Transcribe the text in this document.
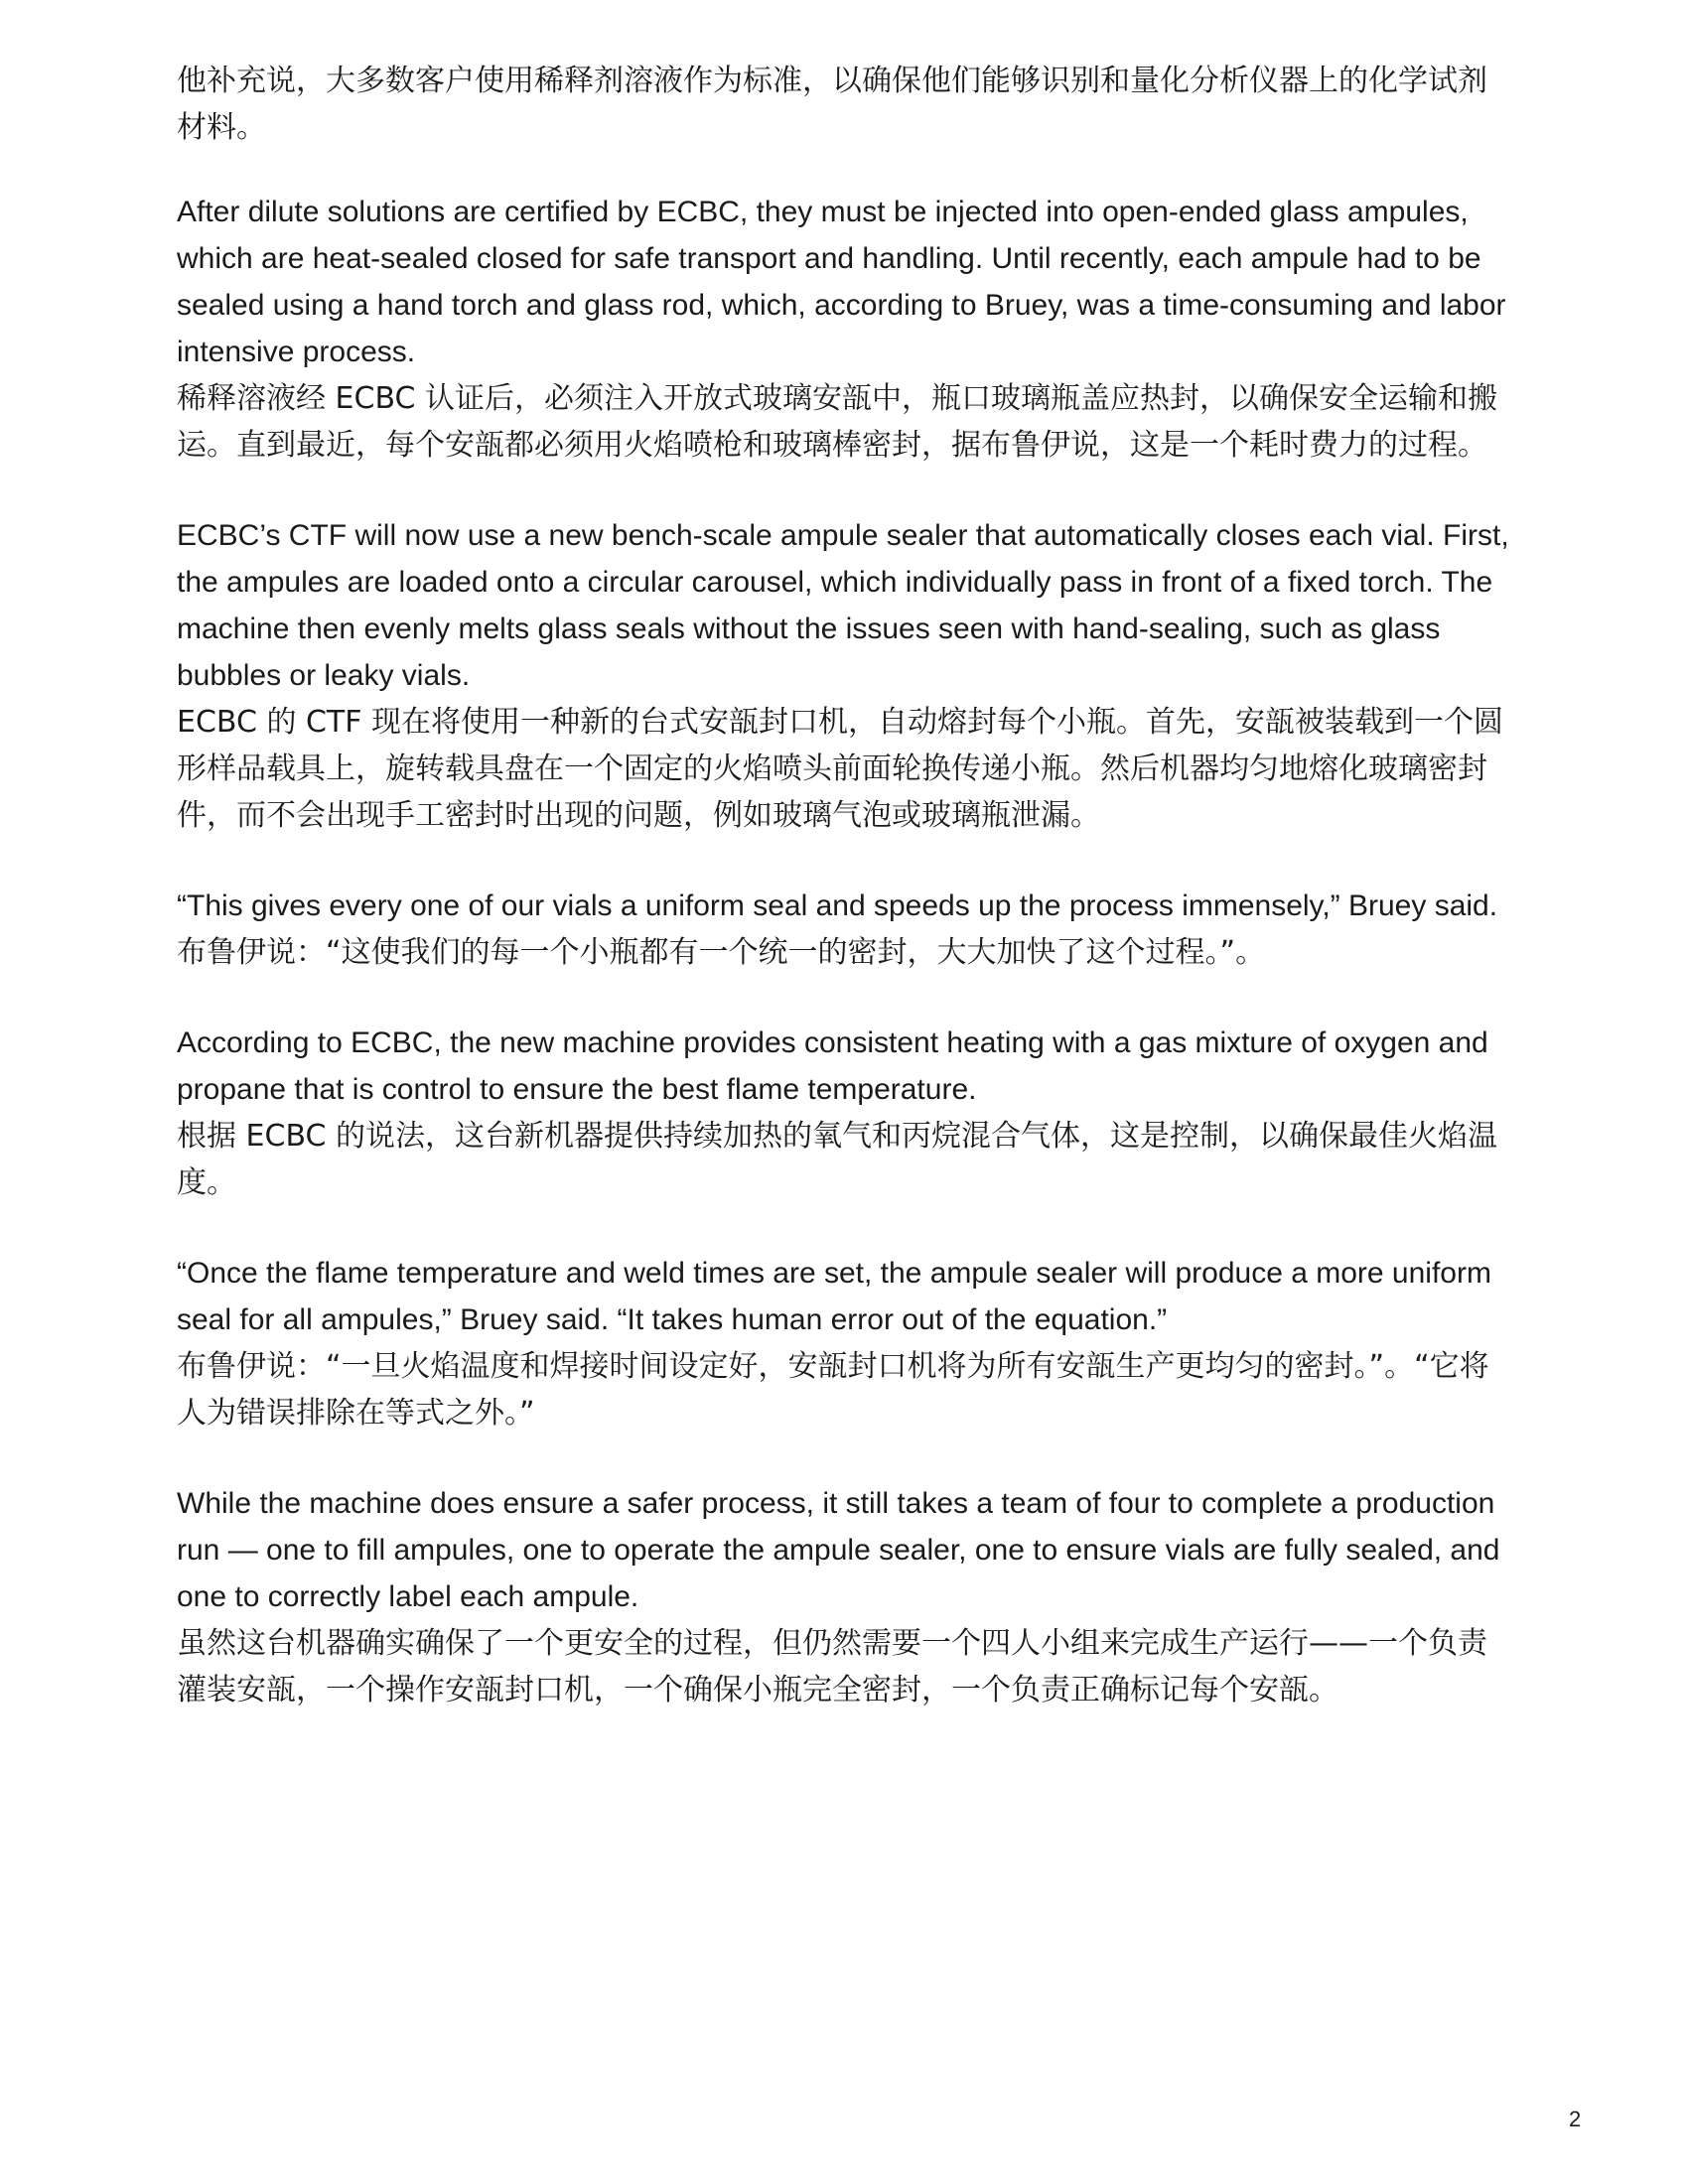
他补充说，大多数客户使用稀释剂溶液作为标准，以确保他们能够识别和量化分析仪器上的化学试剂材料。

After dilute solutions are certified by ECBC, they must be injected into open-ended glass ampules, which are heat-sealed closed for safe transport and handling. Until recently, each ampule had to be sealed using a hand torch and glass rod, which, according to Bruey, was a time-consuming and labor intensive process.

稀释溶液经 ECBC 认证后，必须注入开放式玻璃安瓿中，瓶口玻璃瓶盖应热封，以确保安全运输和搬运。直到最近，每个安瓿都必须用火焰喷枪和玻璃棒密封，据布鲁伊说，这是一个耗时费力的过程。

ECBC’s CTF will now use a new bench-scale ampule sealer that automatically closes each vial. First, the ampules are loaded onto a circular carousel, which individually pass in front of a fixed torch. The machine then evenly melts glass seals without the issues seen with hand-sealing, such as glass bubbles or leaky vials.

ECBC 的 CTF 现在将使用一种新的台式安瓿封口机，自动熔封每个小瓶。首先，安瓿被装载到一个圆形样品载具上，旋转载具盘在一个固定的火焰喷头前面轮换传递小瓶。然后机器均匀地熔化玻璃密封件，而不会出现手工密封时出现的问题，例如玻璃气泡或玻璃瓶泄漏。

“This gives every one of our vials a uniform seal and speeds up the process immensely,” Bruey said.

布鲁伊说：“这使我们的每一个小瓶都有一个统一的密封，大大加快了这个过程。”。

According to ECBC, the new machine provides consistent heating with a gas mixture of oxygen and propane that is control to ensure the best flame temperature.

根据 ECBC 的说法，这台新机器提供持续加热的氧气和丙烷混合气体，这是控制，以确保最佳火焰温度。

“Once the flame temperature and weld times are set, the ampule sealer will produce a more uniform seal for all ampules,” Bruey said. “It takes human error out of the equation.”

布鲁伊说：“一旦火焰温度和焊接时间设定好，安瓿封口机将为所有安瓿生产更均匀的密封。”。“它将人为错误排除在等式之外。”

While the machine does ensure a safer process, it still takes a team of four to complete a production run — one to fill ampules, one to operate the ampule sealer, one to ensure vials are fully sealed, and one to correctly label each ampule.

虽然这台机器确实确保了一个更安全的过程，但仍然需要一个四人小组来完成生产运行——一个负责灌装安瓿，一个操作安瓿封口机，一个确保小瓶完全密封，一个负责正确标记每个安瓿。

2
